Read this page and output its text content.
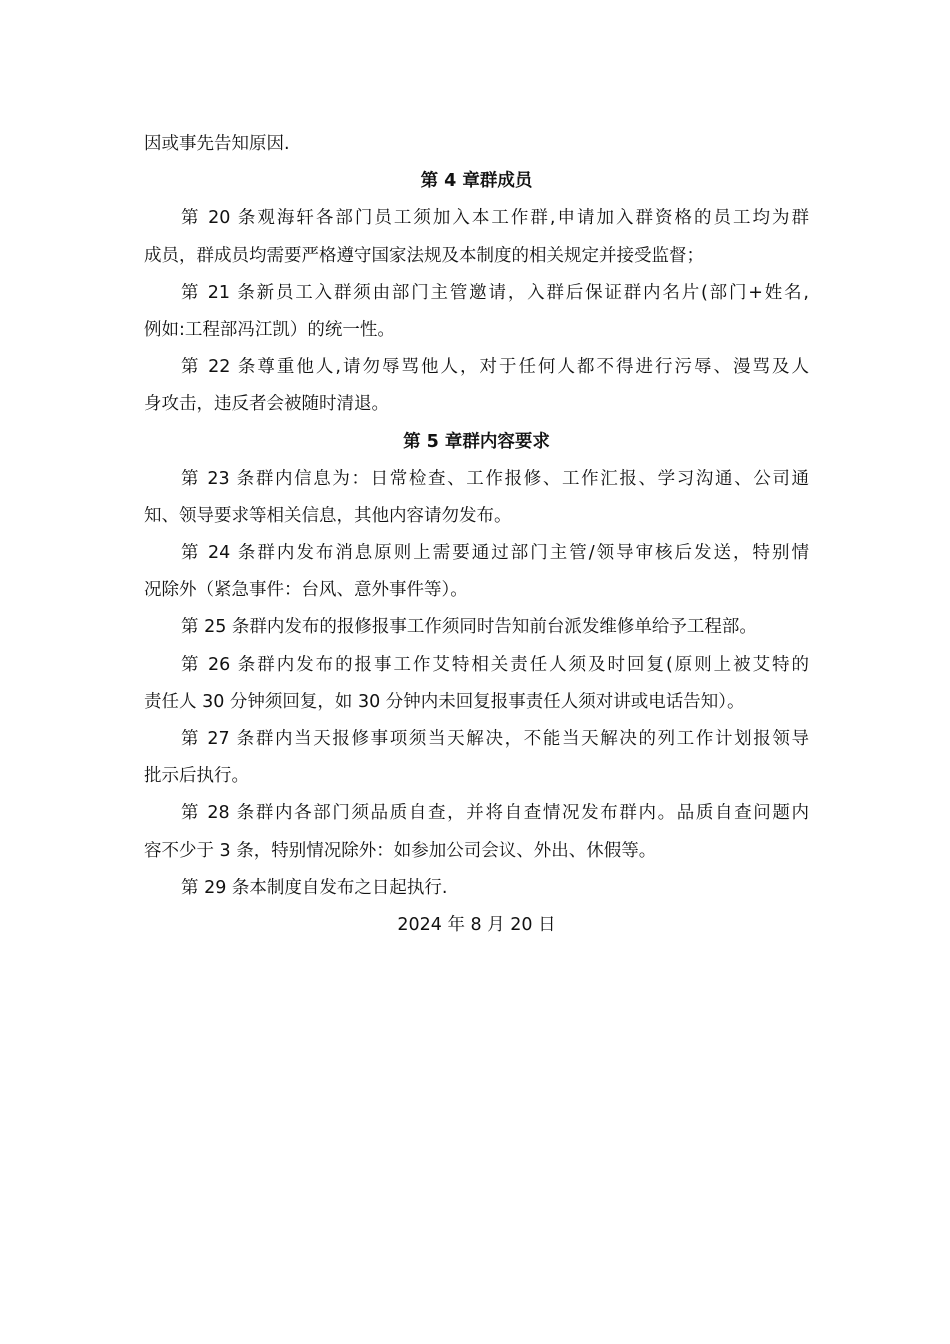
因或事先告知原因.
第 4 章群成员
第 20 条观海轩各部门员工须加入本工作群,申请加入群资格的员工均为群
成员，群成员均需要严格遵守国家法规及本制度的相关规定并接受监督；
第 21 条新员工入群须由部门主管邀请，入群后保证群内名片(部门+姓名,
例如:工程部冯江凯）的统一性。
第 22 条尊重他人,请勿辱骂他人，对于任何人都不得进行污辱、漫骂及人
身攻击，违反者会被随时清退。
第 5 章群内容要求
第 23 条群内信息为：日常检查、工作报修、工作汇报、学习沟通、公司通
知、领导要求等相关信息，其他内容请勿发布。
第 24 条群内发布消息原则上需要通过部门主管/领导审核后发送，特别情
况除外（紧急事件：台风、意外事件等）。
第 25 条群内发布的报修报事工作须同时告知前台派发维修单给予工程部。
第 26 条群内发布的报事工作艾特相关责任人须及时回复(原则上被艾特的
责任人 30 分钟须回复，如 30 分钟内未回复报事责任人须对讲或电话告知）。
第 27 条群内当天报修事项须当天解决，不能当天解决的列工作计划报领导
批示后执行。
第 28 条群内各部门须品质自查，并将自查情况发布群内。品质自查问题内
容不少于 3 条，特别情况除外：如参加公司会议、外出、休假等。
第 29 条本制度自发布之日起执行.
2024 年 8 月 20 日
